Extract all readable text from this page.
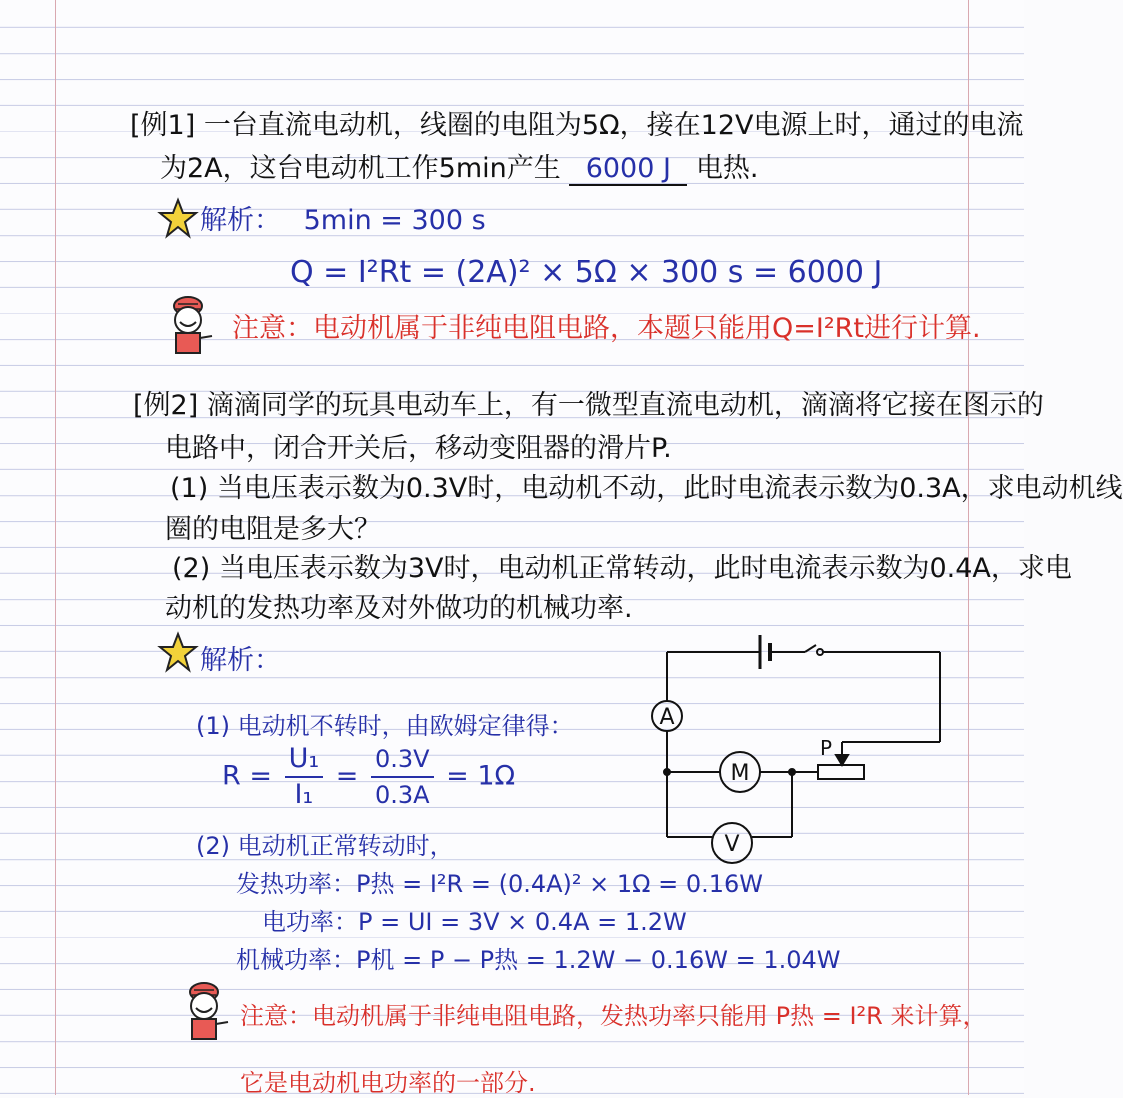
[例1] 一台直流电动机，线圈的电阻为5Ω，接在12V电源上时，通过的电流
为2A，这台电动机工作5min产生 6000 J 电热.
解析： 5min = 300 s
Q = I²Rt = (2A)² × 5Ω × 300 s = 6000 J
注意：电动机属于非纯电阻电路，本题只能用Q=I²Rt进行计算.
[例2] 滴滴同学的玩具电动车上，有一微型直流电动机，滴滴将它接在图示的
电路中，闭合开关后，移动变阻器的滑片P.
(1) 当电压表示数为0.3V时，电动机不动，此时电流表示数为0.3A，求电动机线
圈的电阻是多大？
(2) 当电压表示数为3V时，电动机正常转动，此时电流表示数为0.4A，求电
动机的发热功率及对外做功的机械功率.
解析：
(1) 电动机不转时，由欧姆定律得：
$R = \frac{\text{U₁}}{\text{I₁}} = \frac{0.3V}{0.3A} = 1\Omega$
(2) 电动机正常转动时，
发热功率：P热 = I²R = (0.4A)² × 1Ω = 0.16W
电功率：P = UI = 3V × 0.4A = 1.2W
机械功率：P机 = P − P热 = 1.2W − 0.16W = 1.04W
注意：电动机属于非纯电阻电路，发热功率只能用 P热 = I²R 来计算，
它是电动机电功率的一部分.
A
M
V
P
